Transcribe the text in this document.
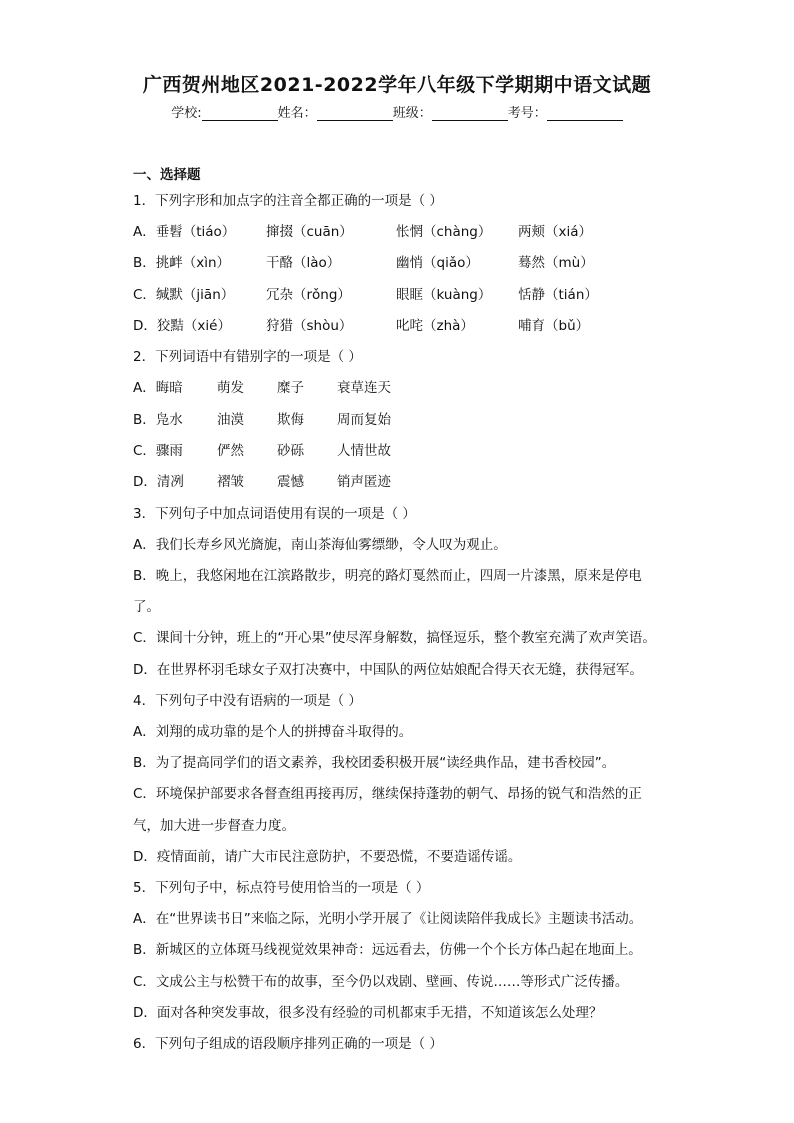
广西贺州地区2021-2022学年八年级下学期期中语文试题
学校:	姓名：	班级：	考号：
一、选择题
1．下列字形和加点字的注音全都正确的一项是（ ）
A．垂髫（tiáo） 撺掇（cuān）	怅惘（chàng） 两颊（xiá）
B．挑衅（xìn）	干酪（lào）	幽悄（qiǎo）	蓦然（mù）
C．缄默（jiān） 冗杂（rǒng）	眼眶（kuàng） 恬静（tián）
D．狡黠（xié）	狩猎（shòu）	叱咤（zhà）	哺育（bǔ）
2．下列词语中有错别字的一项是（ ）
A．晦暗	萌发 糜子 衰草连天
B．凫水	油漠 欺侮 周而复始
C．骤雨	俨然 砂砾 人情世故
D．清冽 褶皱 震憾 销声匿迹
3．下列句子中加点词语使用有误的一项是（ ）
A．我们长寿乡风光旖旎，南山茶海仙雾缥缈，令人叹为观止。
B．晚上，我悠闲地在江滨路散步，明亮的路灯戛然而止，四周一片漆黑，原来是停电
了。
C．课间十分钟，班上的“开心果”使尽浑身解数，搞怪逗乐，整个教室充满了欢声笑语。
D．在世界杯羽毛球女子双打决赛中，中国队的两位姑娘配合得天衣无缝，获得冠军。
4．下列句子中没有语病的一项是（ ）
A．刘翔的成功靠的是个人的拼搏奋斗取得的。
B．为了提高同学们的语文素养，我校团委积极开展“读经典作品，建书香校园”。
C．环境保护部要求各督查组再接再厉，继续保持蓬勃的朝气、昂扬的锐气和浩然的正
气，加大进一步督查力度。
D．疫情面前，请广大市民注意防护，不要恐慌，不要造谣传谣。
5．下列句子中，标点符号使用恰当的一项是（ ）
A．在“世界读书日”来临之际，光明小学开展了《让阅读陪伴我成长》主题读书活动。
B．新城区的立体斑马线视觉效果神奇：远远看去，仿佛一个个长方体凸起在地面上。
C．文成公主与松赞干布的故事，至今仍以戏剧、壁画、传说……等形式广泛传播。
D．面对各种突发事故，很多没有经验的司机都束手无措，不知道该怎么处理？
6．下列句子组成的语段顺序排列正确的一项是（ ）
